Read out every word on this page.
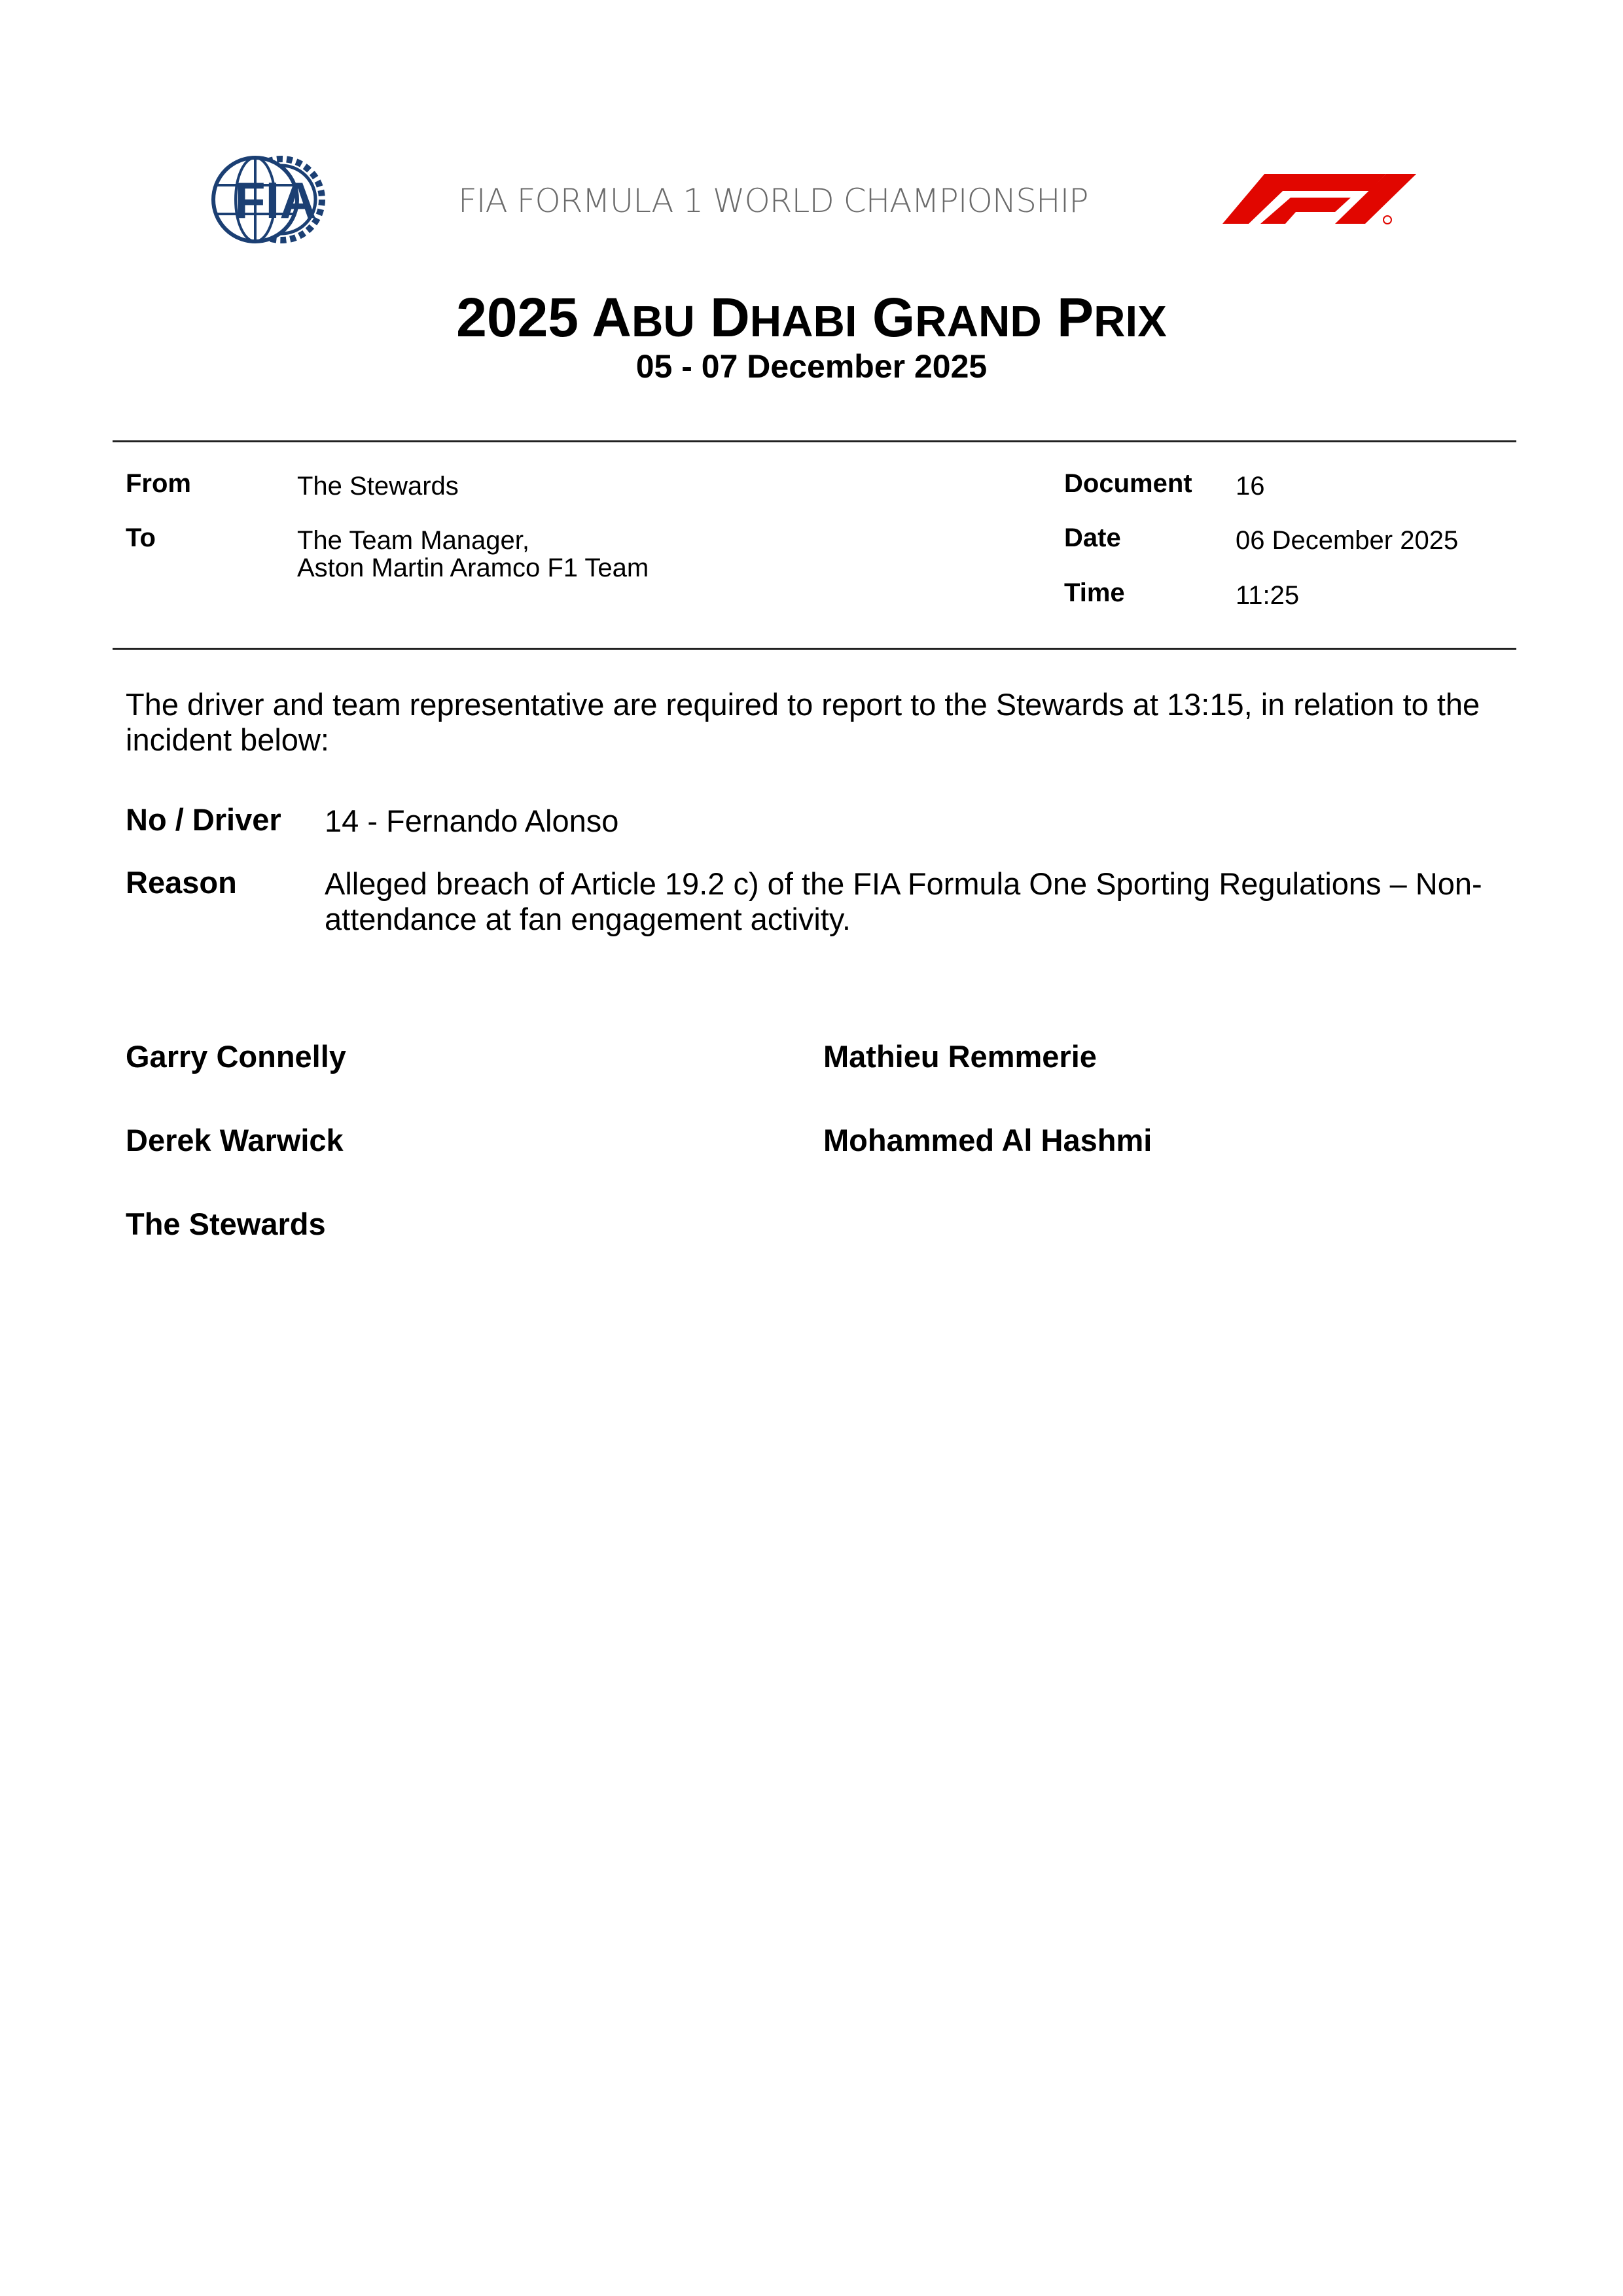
FIA	FIA FORMULA 1 WORLD CHAMPIONSHIP
F1
2025 ABU DHABI GRAND PRIX
05 - 07 December 2025
From	The Stewards
To	The Team Manager,
Aston Martin Aramco F1 Team
Document 16
Date	06 December 2025
Time	11:25
The driver and team representative are required to report to the Stewards at 13:15, in relation to the incident below:
No / Driver 14 - Fernando Alonso
Reason	Alleged breach of Article 19.2 c) of the FIA Formula One Sporting Regulations – Non-attendance at fan engagement activity.
Garry Connelly	Mathieu Remmerie
Derek Warwick	Mohammed Al Hashmi
The Stewards
